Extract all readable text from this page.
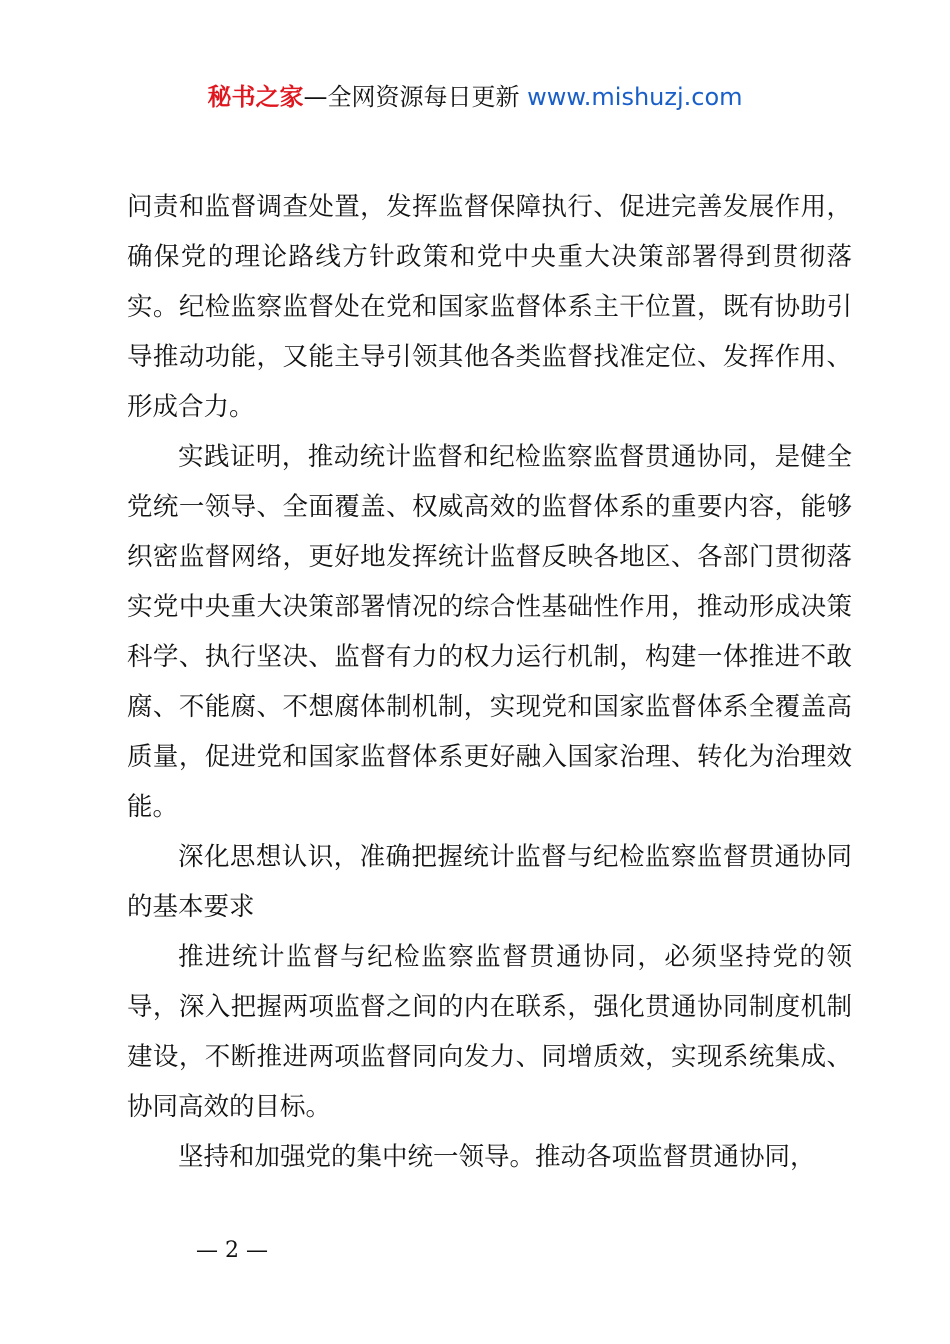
秘书之家—全网资源每日更新 www.mishuzj.com

问责和监督调查处置，发挥监督保障执行、促进完善发展作用，确保党的理论路线方针政策和党中央重大决策部署得到贯彻落实。纪检监察监督处在党和国家监督体系主干位置，既有协助引导推动功能，又能主导引领其他各类监督找准定位、发挥作用、形成合力。

实践证明，推动统计监督和纪检监察监督贯通协同，是健全党统一领导、全面覆盖、权威高效的监督体系的重要内容，能够织密监督网络，更好地发挥统计监督反映各地区、各部门贯彻落实党中央重大决策部署情况的综合性基础性作用，推动形成决策科学、执行坚决、监督有力的权力运行机制，构建一体推进不敢腐、不能腐、不想腐体制机制，实现党和国家监督体系全覆盖高质量，促进党和国家监督体系更好融入国家治理、转化为治理效能。

深化思想认识，准确把握统计监督与纪检监察监督贯通协同的基本要求

推进统计监督与纪检监察监督贯通协同，必须坚持党的领导，深入把握两项监督之间的内在联系，强化贯通协同制度机制建设，不断推进两项监督同向发力、同增质效，实现系统集成、协同高效的目标。

坚持和加强党的集中统一领导。推动各项监督贯通协同，

— 2 —
